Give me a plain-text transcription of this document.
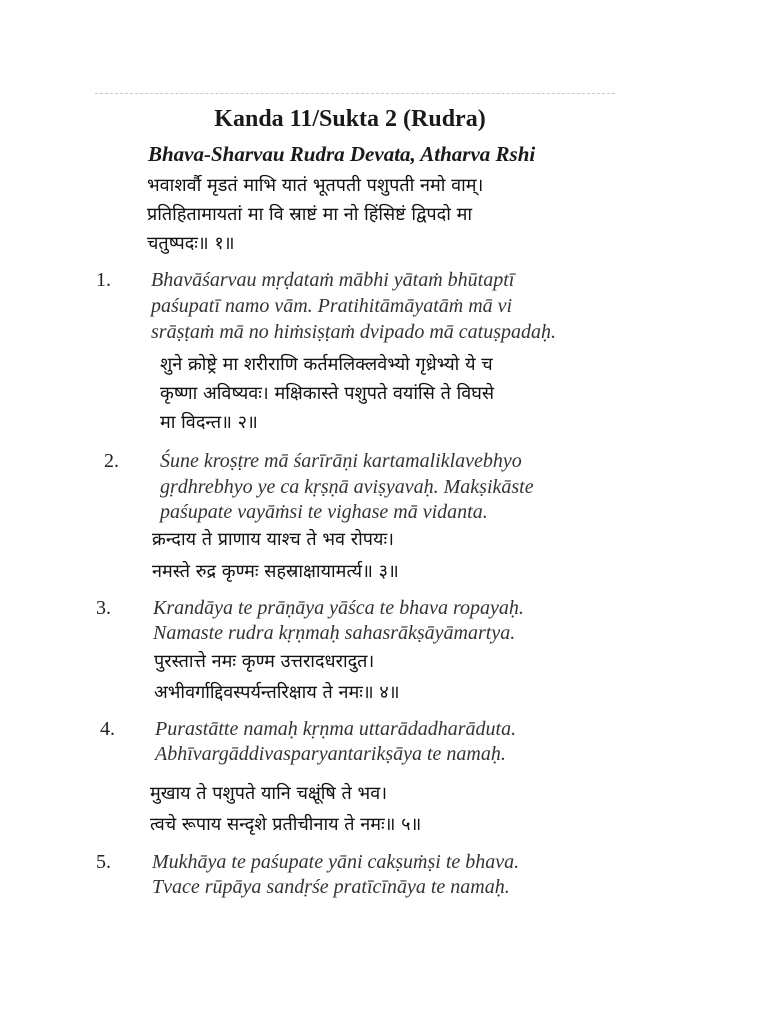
Kanda 11/Sukta 2 (Rudra)
Bhava-Sharvau Rudra Devata, Atharva Rshi
भवाशर्वौ मृडतं माभि यातं भूतपती पशुपती नमो वाम्।
प्रतिहितामायतां मा वि स्राष्टं मा नो हिंसिष्टं द्विपदो मा
चतुष्पदः॥ १॥
1. Bhavāśarvau mṛḍataṁ mābhi yātaṁ bhūtaptī
paśupatī namo vām. Pratihitāmāyatāṁ mā vi
srāṣṭaṁ mā no hiṁsiṣṭaṁ dvipado mā catuṣpadaḥ.
शुने क्रोष्ट्रे मा शरीराणि कर्तमलिक्लवेभ्यो गृध्रेभ्यो ये च
कृष्णा अविष्यवः। मक्षिकास्ते पशुपते वयांसि ते विघसे
मा विदन्त॥ २॥
2. Śune kroṣṭre mā śarīrāṇi kartamaliklavebhyo
gṛdhrebhyo ye ca kṛṣṇā aviṣyavaḥ. Makṣikāste
paśupate vayāṁsi te vighase mā vidanta.
क्रन्दाय ते प्राणाय याश्च ते भव रोपयः।
नमस्ते रुद्र कृण्मः सहस्राक्षायामर्त्य॥ ३॥
3. Krandāya te prāṇāya yāśca te bhava ropayaḥ.
Namaste rudra kṛṇmaḥ sahasrākṣāyāmartya.
पुरस्तात्ते नमः कृण्म उत्तरादधरादुत।
अभीवर्गाद्दिवस्पर्यन्तरिक्षाय ते नमः॥ ४॥
4. Purastātte namaḥ kṛṇma uttarādadharāduta.
Abhīvargāddivasparyantarikṣāya te namaḥ.
मुखाय ते पशुपते यानि चक्षूंषि ते भव।
त्वचे रूपाय सन्दृशे प्रतीचीनाय ते नमः॥ ५॥
5. Mukhāya te paśupate yāni cakṣuṁṣi te bhava.
Tvace rūpāya sandṛśe pratīcīnāya te namaḥ.
